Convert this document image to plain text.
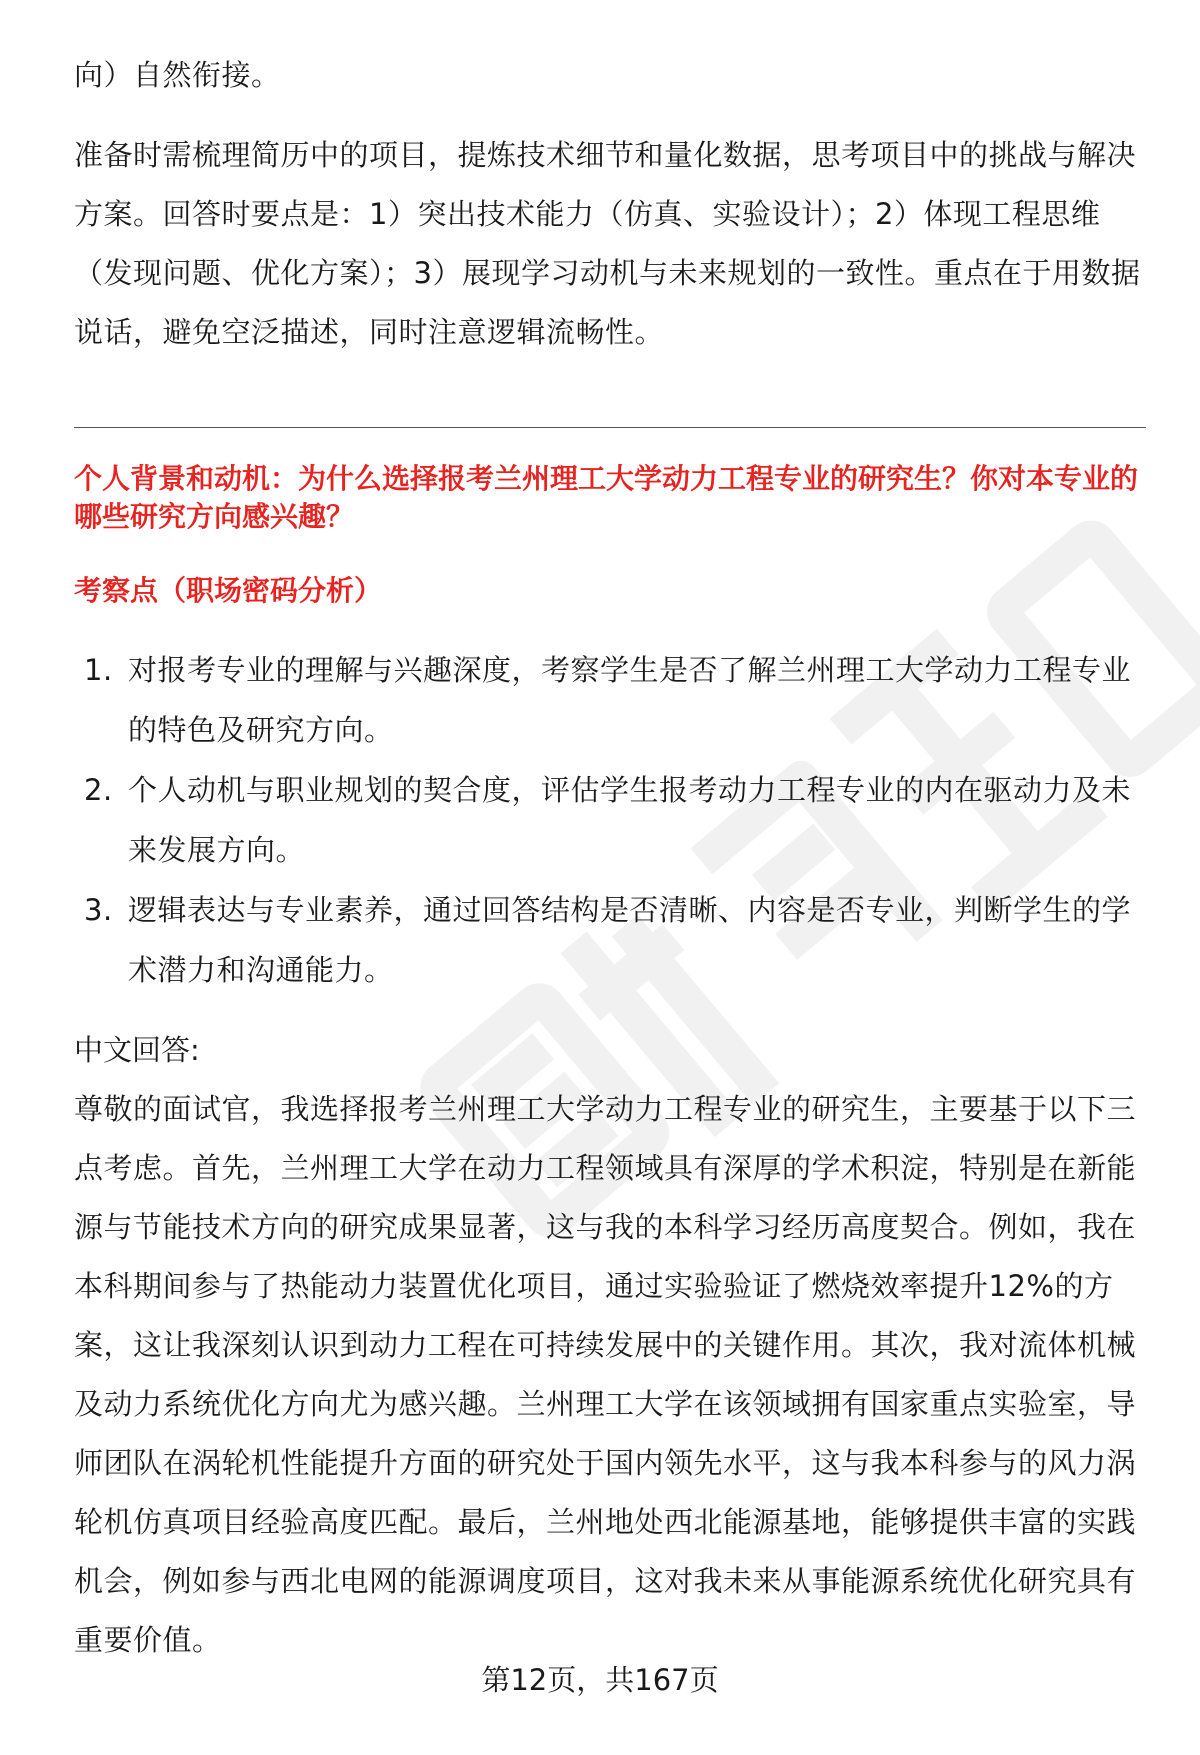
向）自然衔接。

准备时需梳理简历中的项目，提炼技术细节和量化数据，思考项目中的挑战与解决方案。回答时要点是：1）突出技术能力（仿真、实验设计）；2）体现工程思维（发现问题、优化方案）；3）展现学习动机与未来规划的一致性。重点在于用数据说话，避免空泛描述，同时注意逻辑流畅性。

个人背景和动机：为什么选择报考兰州理工大学动力工程专业的研究生？你对本专业的哪些研究方向感兴趣？

考察点（职场密码分析）

1. 对报考专业的理解与兴趣深度，考察学生是否了解兰州理工大学动力工程专业的特色及研究方向。
2. 个人动机与职业规划的契合度，评估学生报考动力工程专业的内在驱动力及未来发展方向。
3. 逻辑表达与专业素养，通过回答结构是否清晰、内容是否专业，判断学生的学术潜力和沟通能力。

中文回答:

尊敬的面试官，我选择报考兰州理工大学动力工程专业的研究生，主要基于以下三点考虑。首先，兰州理工大学在动力工程领域具有深厚的学术积淀，特别是在新能源与节能技术方向的研究成果显著，这与我的本科学习经历高度契合。例如，我在本科期间参与了热能动力装置优化项目，通过实验验证了燃烧效率提升12%的方案，这让我深刻认识到动力工程在可持续发展中的关键作用。其次，我对流体机械及动力系统优化方向尤为感兴趣。兰州理工大学在该领域拥有国家重点实验室，导师团队在涡轮机性能提升方面的研究处于国内领先水平，这与我本科参与的风力涡轮机仿真项目经验高度匹配。最后，兰州地处西北能源基地，能够提供丰富的实践机会，例如参与西北电网的能源调度项目，这对我未来从事能源系统优化研究具有重要价值。

第12页，共167页
